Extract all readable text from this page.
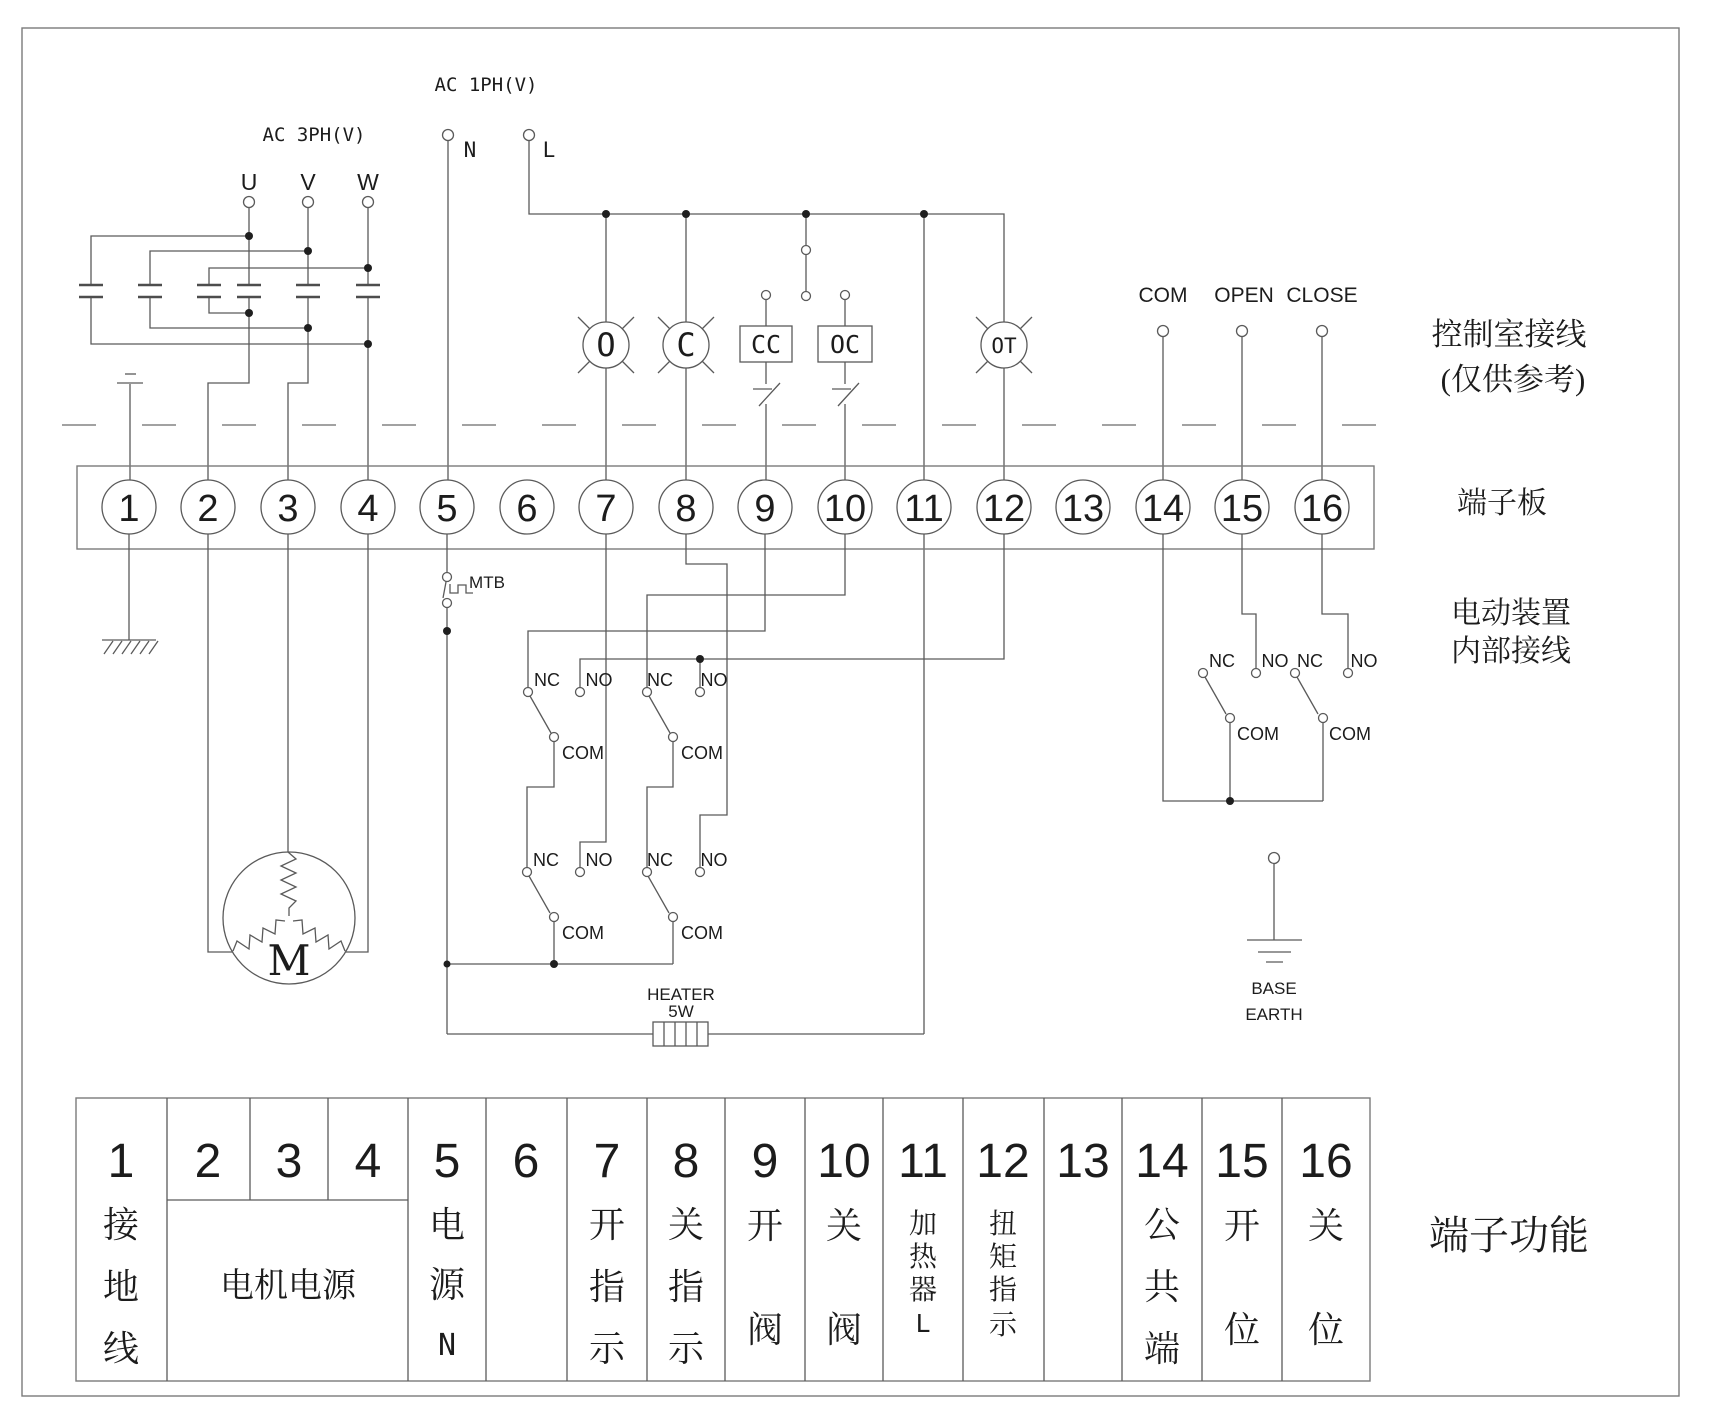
AC 3PH(V)
U V W
AC 1PH(V)
N	L
O C CC OC	OT
COM OPEN CLOSE
1 2 3 4 5 6 7 8 9 10 11 12 13 14 15 16
控制室接线
(仅供参考)
端子板
电动装置
内部接线
端子功能
M
MTB
NC NO
COM
NC NO
COM
NC NO
COM
NC NO
COM
HEATER
5W
NC NO
COM
NC NO
COM
BASE
EARTH
1 2 3 4 5 6 7 8 9 10 11 12 13 14 15 16
接
地
线
电机电源
电
源
N
开
指
示
关
指
示
开
阀
关
阀
加
热
器
L
扭
矩
指
示
公
共
端
开
位
关
位
